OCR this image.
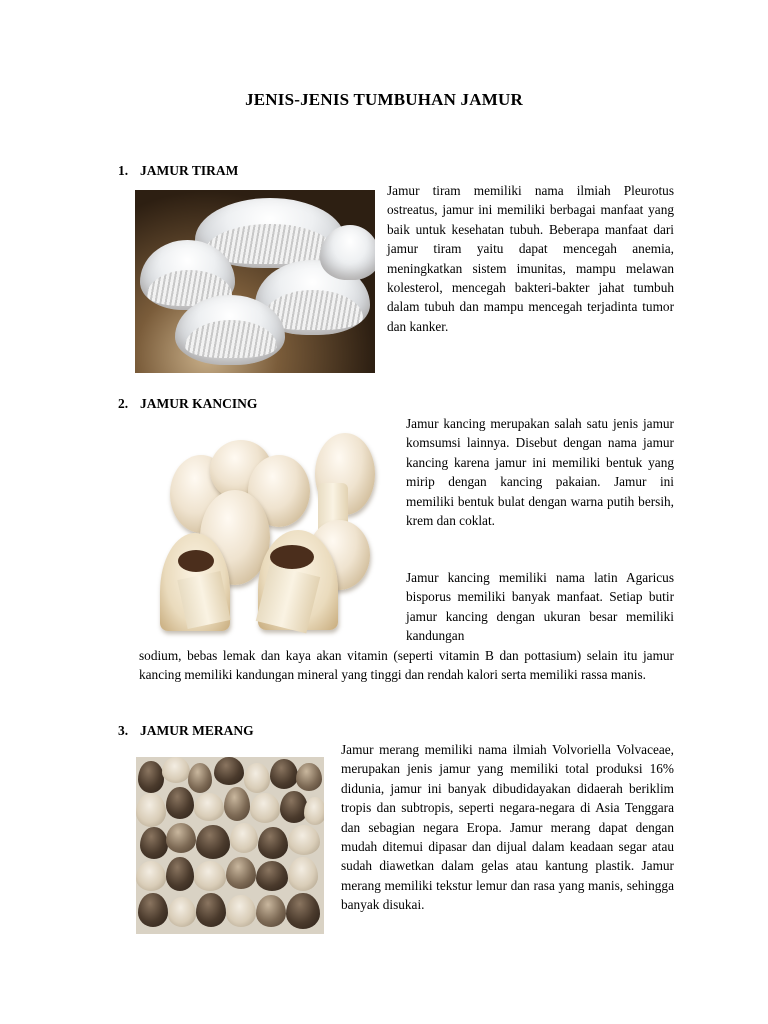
JENIS-JENIS TUMBUHAN JAMUR
1. JAMUR TIRAM

Jamur tiram memiliki nama ilmiah Pleurotus ostreatus, jamur ini memiliki berbagai manfaat yang baik untuk kesehatan tubuh. Beberapa manfaat dari jamur tiram yaitu dapat mencegah anemia, meningkatkan sistem imunitas, mampu melawan kolesterol, mencegah bakteri-bakter jahat tumbuh dalam tubuh dan mampu mencegah terjadinta tumor dan kanker.

2. JAMUR KANCING

Jamur kancing merupakan salah satu jenis jamur komsumsi lainnya. Disebut dengan nama jamur kancing karena jamur ini memiliki bentuk yang mirip dengan kancing pakaian. Jamur ini memiliki bentuk bulat dengan warna putih bersih, krem dan coklat.

Jamur kancing memiliki nama latin Agaricus bisporus memiliki banyak manfaat. Setiap butir jamur kancing dengan ukuran besar memiliki kandungan

sodium, bebas lemak dan kaya akan vitamin (seperti vitamin B dan pottasium) selain itu jamur kancing memiliki kandungan mineral yang tinggi dan rendah kalori serta memiliki rassa manis.

3. JAMUR MERANG

Jamur merang memiliki nama ilmiah Volvoriella Volvaceae, merupakan jenis jamur yang memiliki total produksi 16% didunia, jamur ini banyak dibudidayakan didaerah beriklim tropis dan subtropis, seperti negara-negara di Asia Tenggara dan sebagian negara Eropa. Jamur merang dapat dengan mudah ditemui dipasar dan dijual dalam keadaan segar atau sudah diawetkan dalam gelas atau kantung plastik. Jamur merang memiliki tekstur lemur dan rasa yang manis, sehingga banyak disukai.
